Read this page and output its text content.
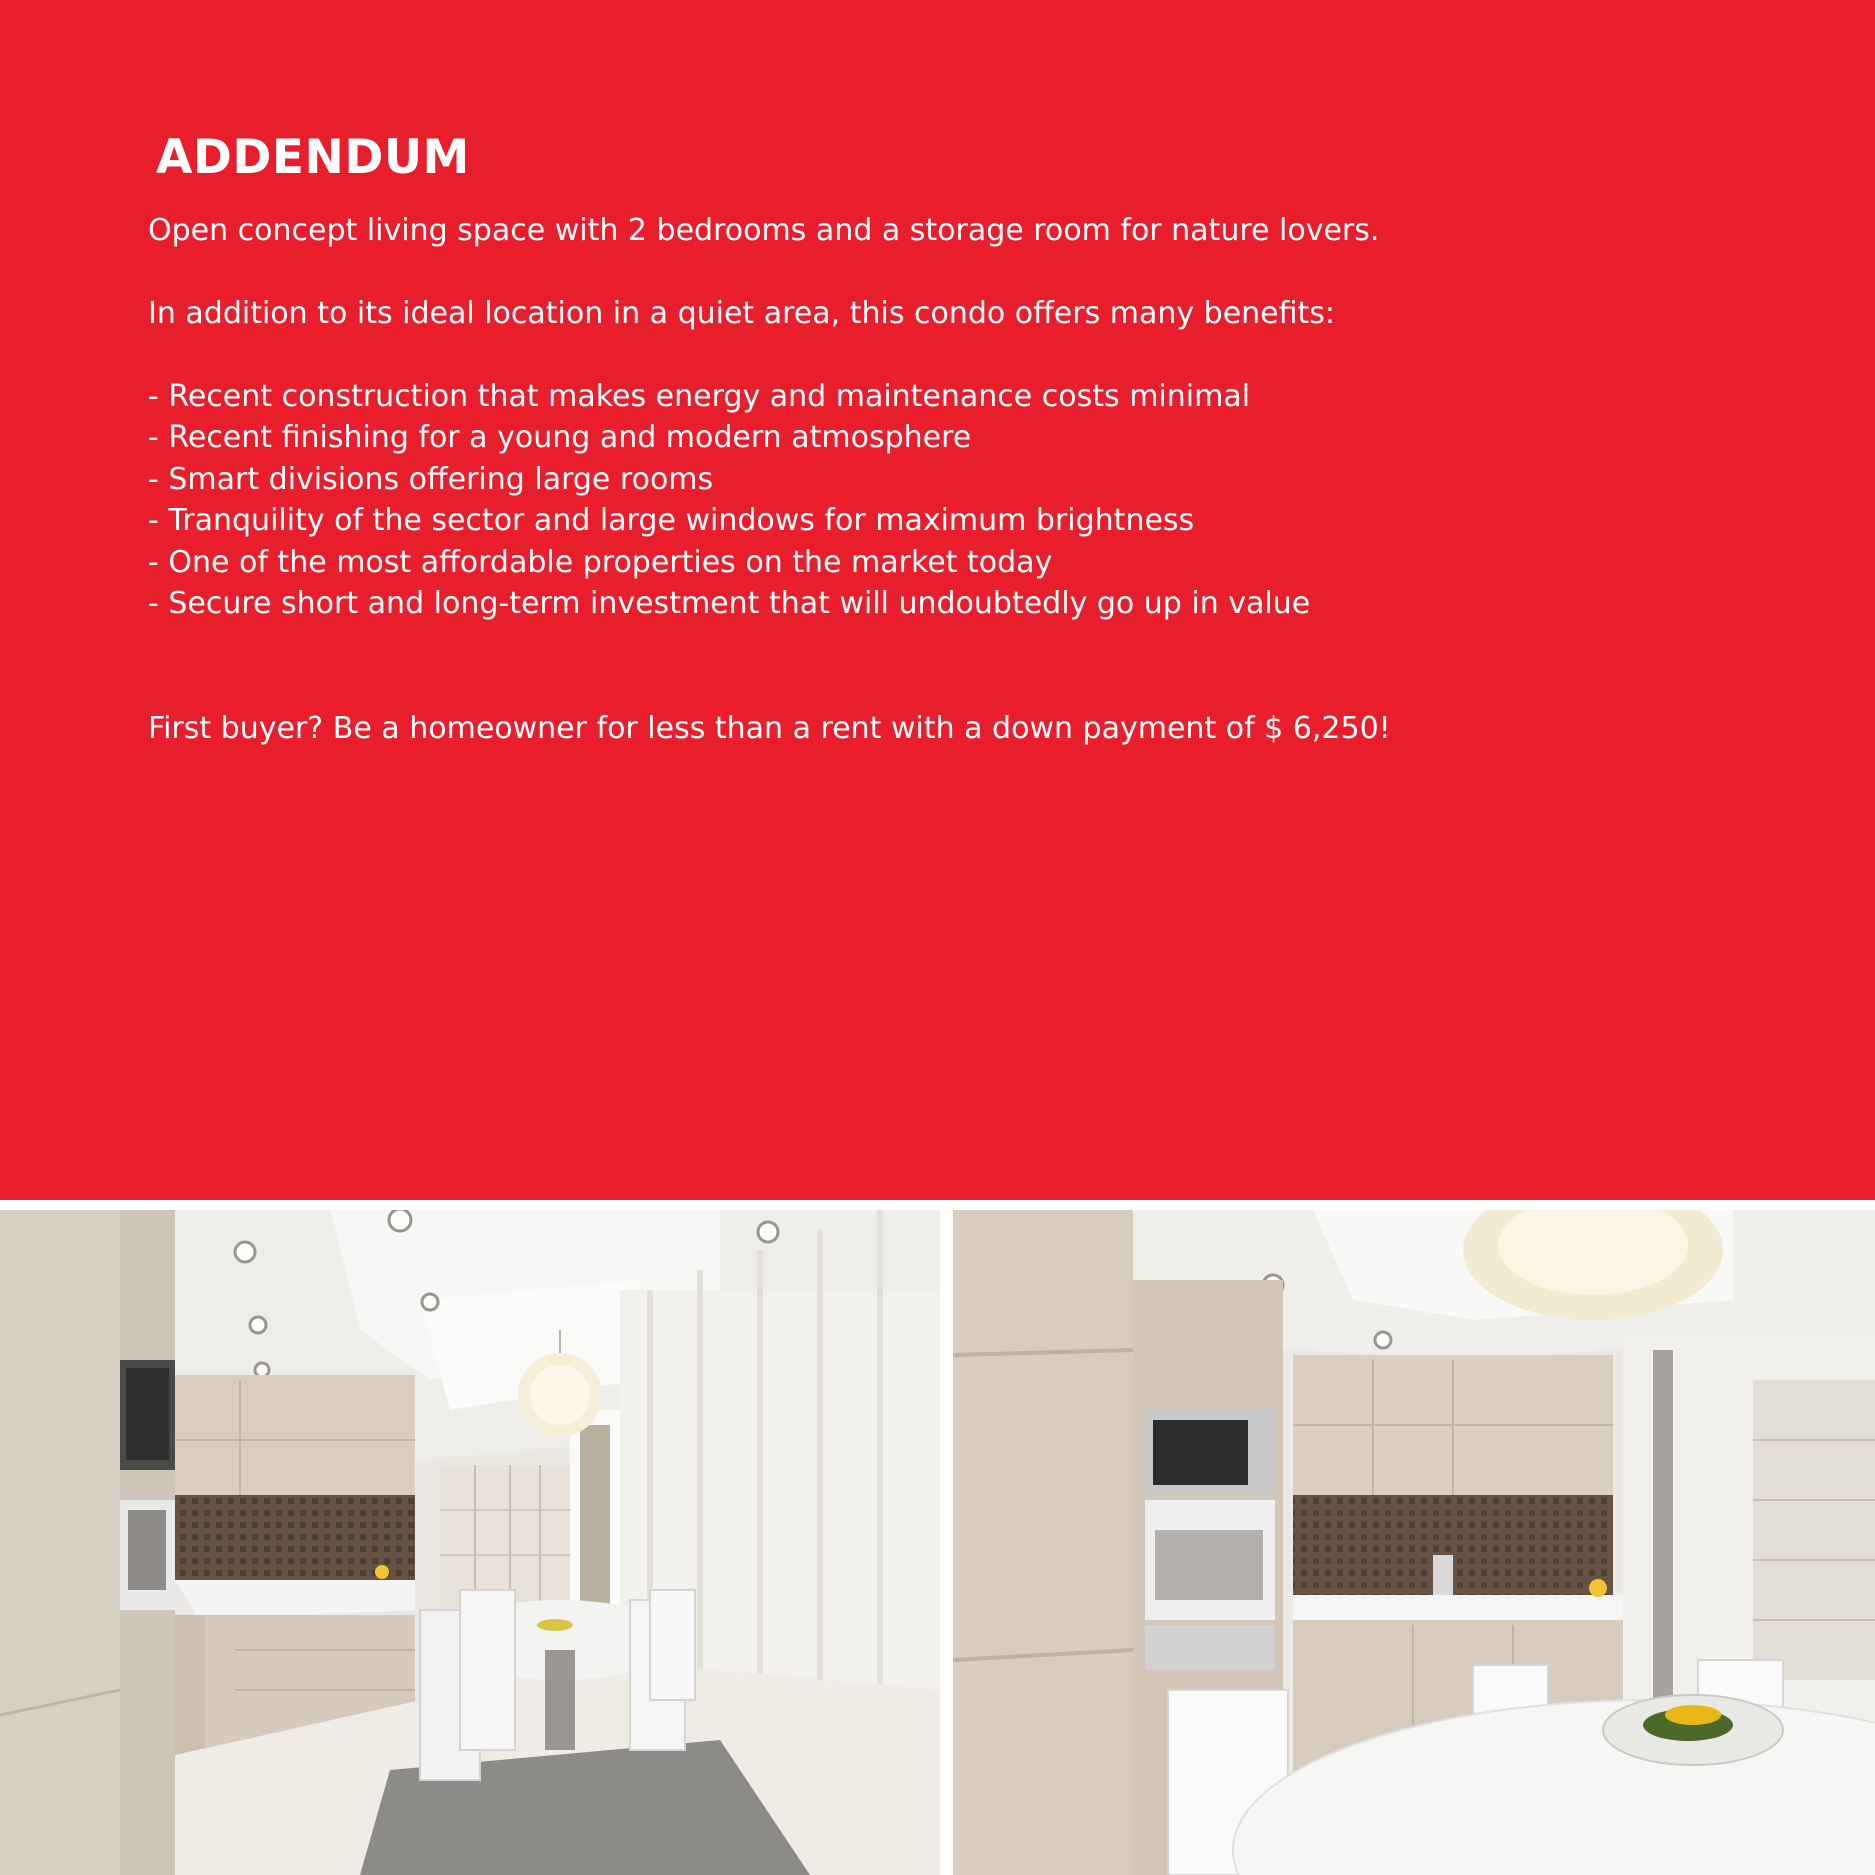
ADDENDUM

Open concept living space with 2 bedrooms and a storage room for nature lovers.

In addition to its ideal location in a quiet area, this condo offers many benefits:

- Recent construction that makes energy and maintenance costs minimal
- Recent finishing for a young and modern atmosphere
- Smart divisions offering large rooms
- Tranquility of the sector and large windows for maximum brightness
- One of the most affordable properties on the market today
- Secure short and long-term investment that will undoubtedly go up in value

First buyer? Be a homeowner for less than a rent with a down payment of $ 6,250!
